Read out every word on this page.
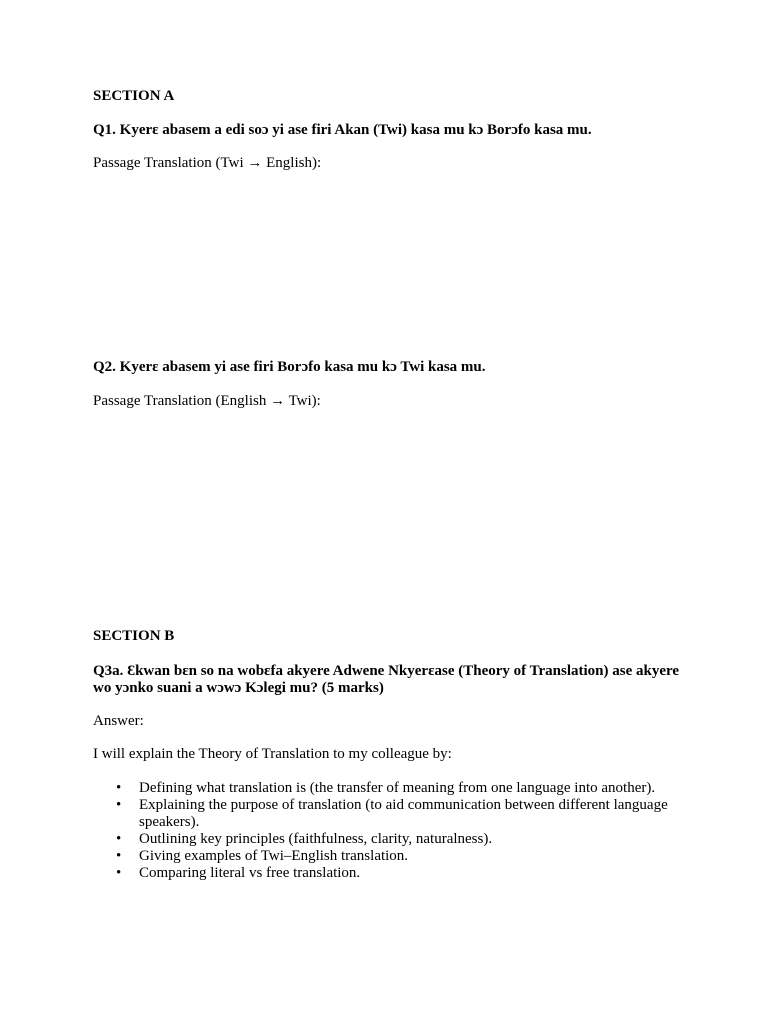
SECTION A

Q1. Kyerɛ abasem a edi soɔ yi ase firi Akan (Twi) kasa mu kɔ Borɔfo kasa mu.

Passage Translation (Twi → English):

Q2. Kyerɛ abasem yi ase firi Borɔfo kasa mu kɔ Twi kasa mu.

Passage Translation (English → Twi):

SECTION B

Q3a. Ɛkwan bɛn so na wobɛfa akyere Adwene Nkyerɛase (Theory of Translation) ase akyere wo yɔnko suani a wɔwɔ Kɔlegi mu? (5 marks)

Answer:

I will explain the Theory of Translation to my colleague by:

• Defining what translation is (the transfer of meaning from one language into another).
• Explaining the purpose of translation (to aid communication between different language speakers).
• Outlining key principles (faithfulness, clarity, naturalness).
• Giving examples of Twi–English translation.
• Comparing literal vs free translation.
